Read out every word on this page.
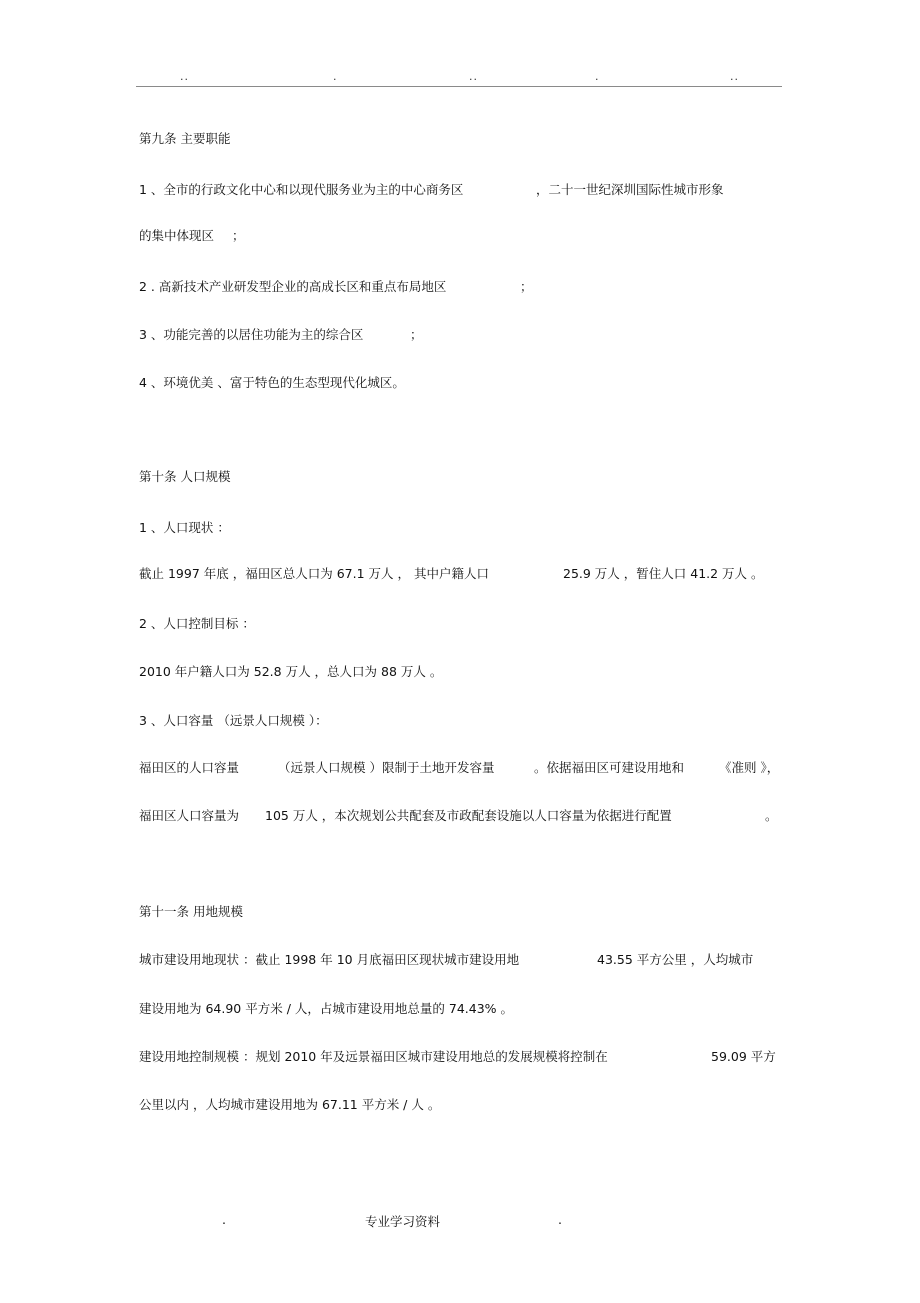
..	.	..	.	..
第九条 主要职能
1 、全市的行政文化中心和以现代服务业为主的中心商务区	，二十一世纪深圳国际性城市形象
的集中体现区 ；
2 . 高新技术产业研发型企业的高成长区和重点布局地区	；
3 、功能完善的以居住功能为主的综合区	；
4 、环境优美 、富于特色的生态型现代化城区。
第十条 人口规模
1 、人口现状 ：
截止 1997 年底 ，福田区总人口为 67.1 万人 ， 其中户籍人口	25.9 万人 ，暂住人口 41.2 万人 。
2 、人口控制目标 ：
2010 年户籍人口为 52.8 万人 ，总人口为 88 万人 。
3 、人口容量 （远景人口规模 ）：
福田区的人口容量	（远景人口规模 ）限制于土地开发容量	。依据福田区可建设用地和	《准则 》，
福田区人口容量为 105 万人 ，本次规划公共配套及市政配套设施以人口容量为依据进行配置	。
第十一条 用地规模
城市建设用地现状 ：截止 1998 年 10 月底福田区现状城市建设用地	43.55 平方公里 ，人均城市
建设用地为 64.90 平方米 / 人，占城市建设用地总量的 74.43% 。
建设用地控制规模 ：规划 2010 年及远景福田区城市建设用地总的发展规模将控制在	59.09 平方
公里以内 ，人均城市建设用地为 67.11 平方米 / 人 。
.	专业学习资料	.
